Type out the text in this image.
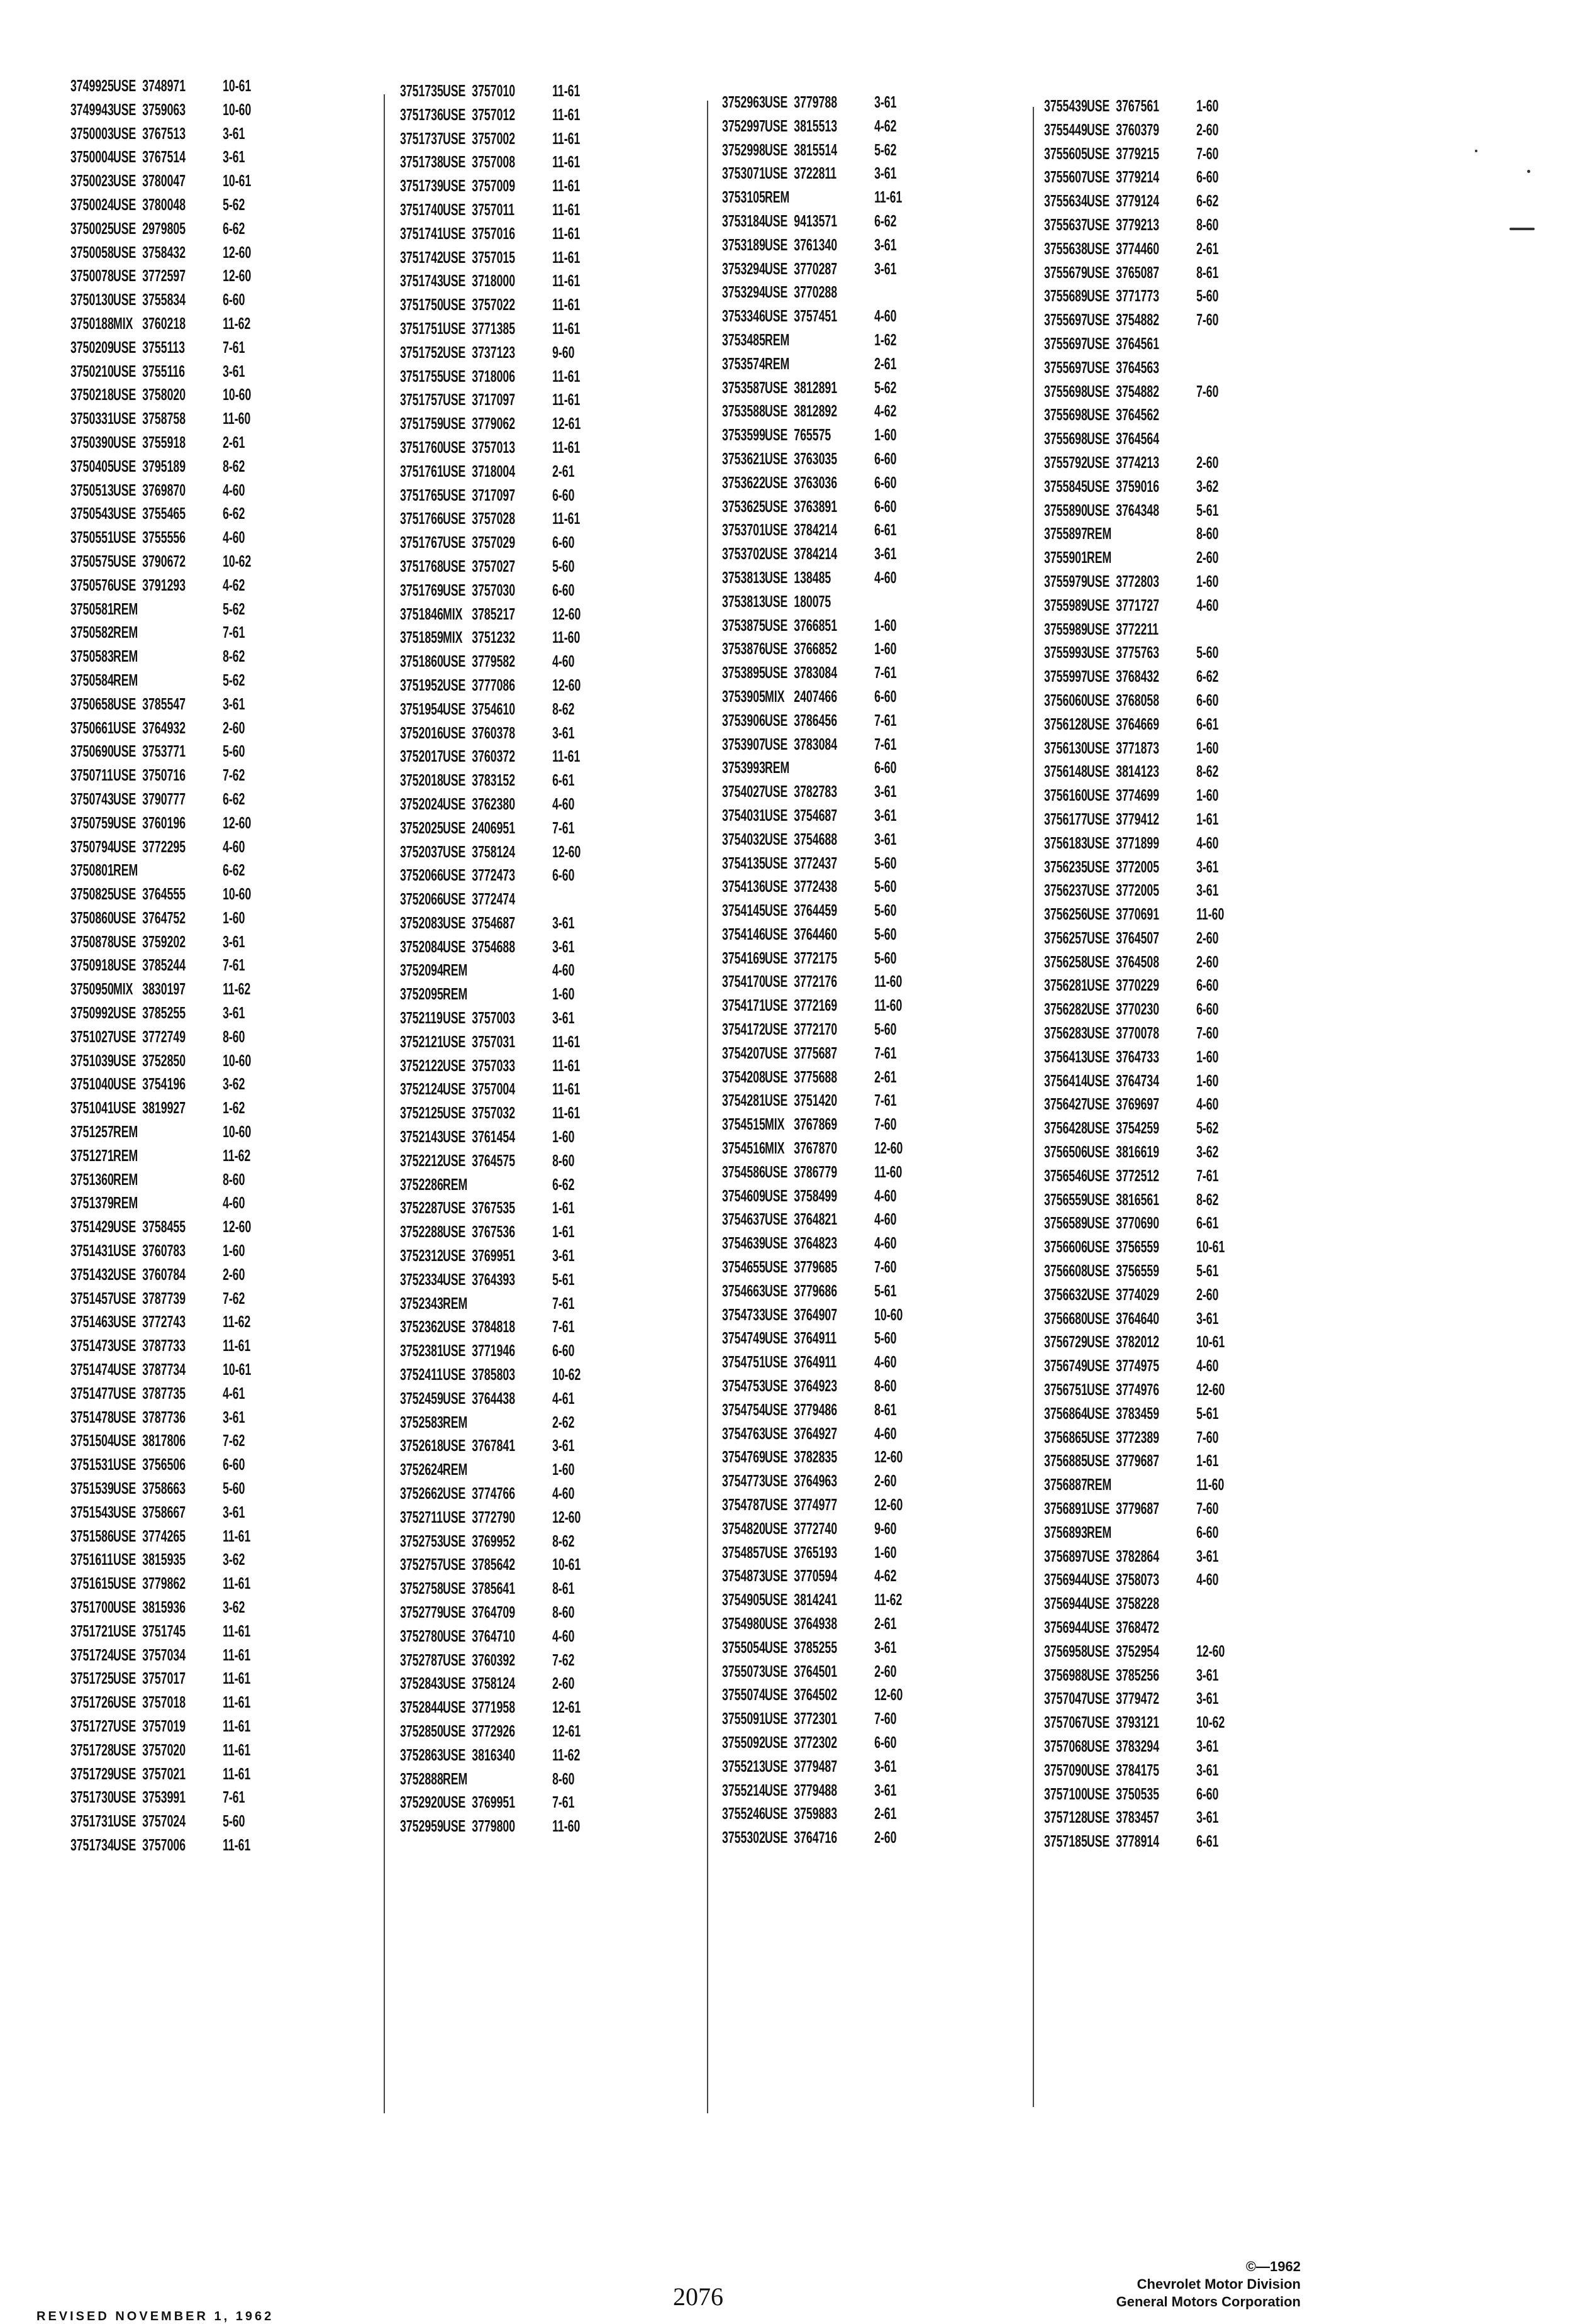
3749925 USE 3748971 10-61
3749943 USE 3759063 10-60
3750003 USE 3767513 3-61
3750004 USE 3767514 3-61
3750023 USE 3780047 10-61
3750024 USE 3780048 5-62
3750025 USE 2979805 6-62
3750058 USE 3758432 12-60
3750078 USE 3772597 12-60
3750130 USE 3755834 6-60
3750188 MIX 3760218 11-62
3750209 USE 3755113 7-61
3750210 USE 3755116 3-61
3750218 USE 3758020 10-60
3750331 USE 3758758 11-60
3750390 USE 3755918 2-61
3750405 USE 3795189 8-62
3750513 USE 3769870 4-60
3750543 USE 3755465 6-62
3750551 USE 3755556 4-60
3750575 USE 3790672 10-62
3750576 USE 3791293 4-62
3750581 REM	5-62
3750582 REM	7-61
3750583 REM	8-62
3750584 REM	5-62
3750658 USE 3785547 3-61
3750661 USE 3764932 2-60
3750690 USE 3753771 5-60
3750711 USE 3750716 7-62
3750743 USE 3790777 6-62
3750759 USE 3760196 12-60
3750794 USE 3772295 4-60
3750801 REM	6-62
3750825 USE 3764555 10-60
3750860 USE 3764752 1-60
3750878 USE 3759202 3-61
3750918 USE 3785244 7-61
3750950 MIX 3830197 11-62
3750992 USE 3785255 3-61
3751027 USE 3772749 8-60
3751039 USE 3752850 10-60
3751040 USE 3754196 3-62
3751041 USE 3819927 1-62
3751257 REM	10-60
3751271 REM	11-62
3751360 REM	8-60
3751379 REM	4-60
3751429 USE 3758455 12-60
3751431 USE 3760783 1-60
3751432 USE 3760784 2-60
3751457 USE 3787739 7-62
3751463 USE 3772743 11-62
3751473 USE 3787733 11-61
3751474 USE 3787734 10-61
3751477 USE 3787735 4-61
3751478 USE 3787736 3-61
3751504 USE 3817806 7-62
3751531 USE 3756506 6-60
3751539 USE 3758663 5-60
3751543 USE 3758667 3-61
3751586 USE 3774265 11-61
3751611 USE 3815935 3-62
3751615 USE 3779862 11-61
3751700 USE 3815936 3-62
3751721 USE 3751745 11-61
3751724 USE 3757034 11-61
3751725 USE 3757017 11-61
3751726 USE 3757018 11-61
3751727 USE 3757019 11-61
3751728 USE 3757020 11-61
3751729 USE 3757021 11-61
3751730 USE 3753991 7-61
3751731 USE 3757024 5-60
3751734 USE 3757006 11-61
3751735 USE 3757010 11-61
3751736 USE 3757012 11-61
3751737 USE 3757002 11-61
3751738 USE 3757008 11-61
3751739 USE 3757009 11-61
3751740 USE 3757011 11-61
3751741 USE 3757016 11-61
3751742 USE 3757015 11-61
3751743 USE 3718000 11-61
3751750 USE 3757022 11-61
3751751 USE 3771385 11-61
3751752 USE 3737123 9-60
3751755 USE 3718006 11-61
3751757 USE 3717097 11-61
3751759 USE 3779062 12-61
3751760 USE 3757013 11-61
3751761 USE 3718004 2-61
3751765 USE 3717097 6-60
3751766 USE 3757028 11-61
3751767 USE 3757029 6-60
3751768 USE 3757027 5-60
3751769 USE 3757030 6-60
3751846 MIX 3785217 12-60
3751859 MIX 3751232 11-60
3751860 USE 3779582 4-60
3751952 USE 3777086 12-60
3751954 USE 3754610 8-62
3752016 USE 3760378 3-61
3752017 USE 3760372 11-61
3752018 USE 3783152 6-61
3752024 USE 3762380 4-60
3752025 USE 2406951 7-61
3752037 USE 3758124 12-60
3752066 USE 3772473 6-60
3752066 USE 3772474
3752083 USE 3754687 3-61
3752084 USE 3754688 3-61
3752094 REM	4-60
3752095 REM	1-60
3752119 USE 3757003 3-61
3752121 USE 3757031 11-61
3752122 USE 3757033 11-61
3752124 USE 3757004 11-61
3752125 USE 3757032 11-61
3752143 USE 3761454 1-60
3752212 USE 3764575 8-60
3752286 REM	6-62
3752287 USE 3767535 1-61
3752288 USE 3767536 1-61
3752312 USE 3769951 3-61
3752334 USE 3764393 5-61
3752343 REM	7-61
3752362 USE 3784818 7-61
3752381 USE 3771946 6-60
3752411 USE 3785803 10-62
3752459 USE 3764438 4-61
3752583 REM	2-62
3752618 USE 3767841 3-61
3752624 REM	1-60
3752662 USE 3774766 4-60
3752711 USE 3772790 12-60
3752753 USE 3769952 8-62
3752757 USE 3785642 10-61
3752758 USE 3785641 8-61
3752779 USE 3764709 8-60
3752780 USE 3764710 4-60
3752787 USE 3760392 7-62
3752843 USE 3758124 2-60
3752844 USE 3771958 12-61
3752850 USE 3772926 12-61
3752863 USE 3816340 11-62
3752888 REM	8-60
3752920 USE 3769951 7-61
3752959 USE 3779800 11-60
3752963 USE 3779788 3-61
3752997 USE 3815513 4-62
3752998 USE 3815514 5-62
3753071 USE 3722811 3-61
3753105 REM	11-61
3753184 USE 9413571 6-62
3753189 USE 3761340 3-61
3753294 USE 3770287 3-61
3753294 USE 3770288
3753346 USE 3757451 4-60
3753485 REM	1-62
3753574 REM	2-61
3753587 USE 3812891 5-62
3753588 USE 3812892 4-62
3753599 USE 765575	1-60
3753621 USE 3763035 6-60
3753622 USE 3763036 6-60
3753625 USE 3763891 6-60
3753701 USE 3784214 6-61
3753702 USE 3784214 3-61
3753813 USE 138485	4-60
3753813 USE 180075
3753875 USE 3766851 1-60
3753876 USE 3766852 1-60
3753895 USE 3783084 7-61
3753905 MIX 2407466 6-60
3753906 USE 3786456 7-61
3753907 USE 3783084 7-61
3753993 REM	6-60
3754027 USE 3782783 3-61
3754031 USE 3754687 3-61
3754032 USE 3754688 3-61
3754135 USE 3772437 5-60
3754136 USE 3772438 5-60
3754145 USE 3764459 5-60
3754146 USE 3764460 5-60
3754169 USE 3772175 5-60
3754170 USE 3772176 11-60
3754171 USE 3772169 11-60
3754172 USE 3772170 5-60
3754207 USE 3775687 7-61
3754208 USE 3775688 2-61
3754281 USE 3751420 7-61
3754515 MIX 3767869 7-60
3754516 MIX 3767870 12-60
3754586 USE 3786779 11-60
3754609 USE 3758499 4-60
3754637 USE 3764821 4-60
3754639 USE 3764823 4-60
3754655 USE 3779685 7-60
3754663 USE 3779686 5-61
3754733 USE 3764907 10-60
3754749 USE 3764911 5-60
3754751 USE 3764911 4-60
3754753 USE 3764923 8-60
3754754 USE 3779486 8-61
3754763 USE 3764927 4-60
3754769 USE 3782835 12-60
3754773 USE 3764963 2-60
3754787 USE 3774977 12-60
3754820 USE 3772740 9-60
3754857 USE 3765193 1-60
3754873 USE 3770594 4-62
3754905 USE 3814241 11-62
3754980 USE 3764938 2-61
3755054 USE 3785255 3-61
3755073 USE 3764501 2-60
3755074 USE 3764502 12-60
3755091 USE 3772301 7-60
3755092 USE 3772302 6-60
3755213 USE 3779487 3-61
3755214 USE 3779488 3-61
3755246 USE 3759883 2-61
3755302 USE 3764716 2-60
3755439 USE 3767561 1-60
3755449 USE 3760379 2-60
3755605 USE 3779215 7-60
3755607 USE 3779214 6-60
3755634 USE 3779124 6-62
3755637 USE 3779213 8-60
3755638 USE 3774460 2-61
3755679 USE 3765087 8-61
3755689 USE 3771773 5-60
3755697 USE 3754882 7-60
3755697 USE 3764561
3755697 USE 3764563
3755698 USE 3754882 7-60
3755698 USE 3764562
3755698 USE 3764564
3755792 USE 3774213 2-60
3755845 USE 3759016 3-62
3755890 USE 3764348 5-61
3755897 REM	8-60
3755901 REM	2-60
3755979 USE 3772803 1-60
3755989 USE 3771727 4-60
3755989 USE 3772211
3755993 USE 3775763 5-60
3755997 USE 3768432 6-62
3756060 USE 3768058 6-60
3756128 USE 3764669 6-61
3756130 USE 3771873 1-60
3756148 USE 3814123 8-62
3756160 USE 3774699 1-60
3756177 USE 3779412 1-61
3756183 USE 3771899 4-60
3756235 USE 3772005 3-61
3756237 USE 3772005 3-61
3756256 USE 3770691 11-60
3756257 USE 3764507 2-60
3756258 USE 3764508 2-60
3756281 USE 3770229 6-60
3756282 USE 3770230 6-60
3756283 USE 3770078 7-60
3756413 USE 3764733 1-60
3756414 USE 3764734 1-60
3756427 USE 3769697 4-60
3756428 USE 3754259 5-62
3756506 USE 3816619 3-62
3756546 USE 3772512 7-61
3756559 USE 3816561 8-62
3756589 USE 3770690 6-61
3756606 USE 3756559 10-61
3756608 USE 3756559 5-61
3756632 USE 3774029 2-60
3756680 USE 3764640 3-61
3756729 USE 3782012 10-61
3756749 USE 3774975 4-60
3756751 USE 3774976 12-60
3756864 USE 3783459 5-61
3756865 USE 3772389 7-60
3756885 USE 3779687 1-61
3756887 REM	11-60
3756891 USE 3779687 7-60
3756893 REM	6-60
3756897 USE 3782864 3-61
3756944 USE 3758073 4-60
3756944 USE 3758228
3756944 USE 3768472
3756958 USE 3752954 12-60
3756988 USE 3785256 3-61
3757047 USE 3779472 3-61
3757067 USE 3793121 10-62
3757068 USE 3783294 3-61
3757090 USE 3784175 3-61
3757100 USE 3750535 6-60
3757128 USE 3783457 3-61
3757185 USE 3778914 6-61
2076
REVISED NOVEMBER 1, 1962
©—1962
Chevrolet Motor Division
General Motors Corporation
